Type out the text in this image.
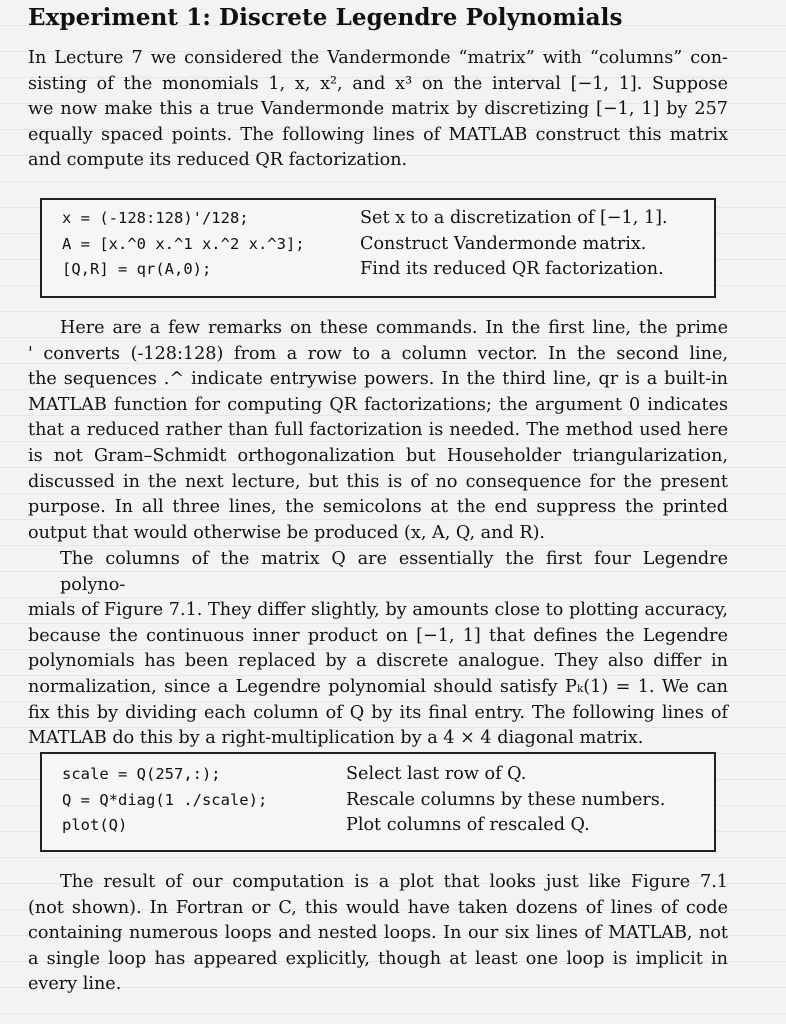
Experiment 1: Discrete Legendre Polynomials
In Lecture 7 we considered the Vandermonde “matrix” with “columns” con-
sisting of the monomials 1, x, x², and x³ on the interval [−1, 1]. Suppose
we now make this a true Vandermonde matrix by discretizing [−1, 1] by 257
equally spaced points. The following lines of MATLAB construct this matrix
and compute its reduced QR factorization.
x = (-128:128)'/128;	Set x to a discretization of [−1, 1].
A = [x.^0 x.^1 x.^2 x.^3];	Construct Vandermonde matrix.
[Q,R] = qr(A,0);	Find its reduced QR factorization.
Here are a few remarks on these commands. In the first line, the prime
' converts (-128:128) from a row to a column vector. In the second line,
the sequences .^ indicate entrywise powers. In the third line, qr is a built-in
MATLAB function for computing QR factorizations; the argument 0 indicates
that a reduced rather than full factorization is needed. The method used here
is not Gram–Schmidt orthogonalization but Householder triangularization,
discussed in the next lecture, but this is of no consequence for the present
purpose. In all three lines, the semicolons at the end suppress the printed
output that would otherwise be produced (x, A, Q, and R).
The columns of the matrix Q are essentially the first four Legendre polyno-
mials of Figure 7.1. They differ slightly, by amounts close to plotting accuracy,
because the continuous inner product on [−1, 1] that defines the Legendre
polynomials has been replaced by a discrete analogue. They also differ in
normalization, since a Legendre polynomial should satisfy Pₖ(1) = 1. We can
fix this by dividing each column of Q by its final entry. The following lines of
MATLAB do this by a right-multiplication by a 4 × 4 diagonal matrix.
scale = Q(257,:);	Select last row of Q.
Q = Q*diag(1 ./scale);	Rescale columns by these numbers.
plot(Q)	Plot columns of rescaled Q.
The result of our computation is a plot that looks just like Figure 7.1
(not shown). In Fortran or C, this would have taken dozens of lines of code
containing numerous loops and nested loops. In our six lines of MATLAB, not
a single loop has appeared explicitly, though at least one loop is implicit in
every line.
